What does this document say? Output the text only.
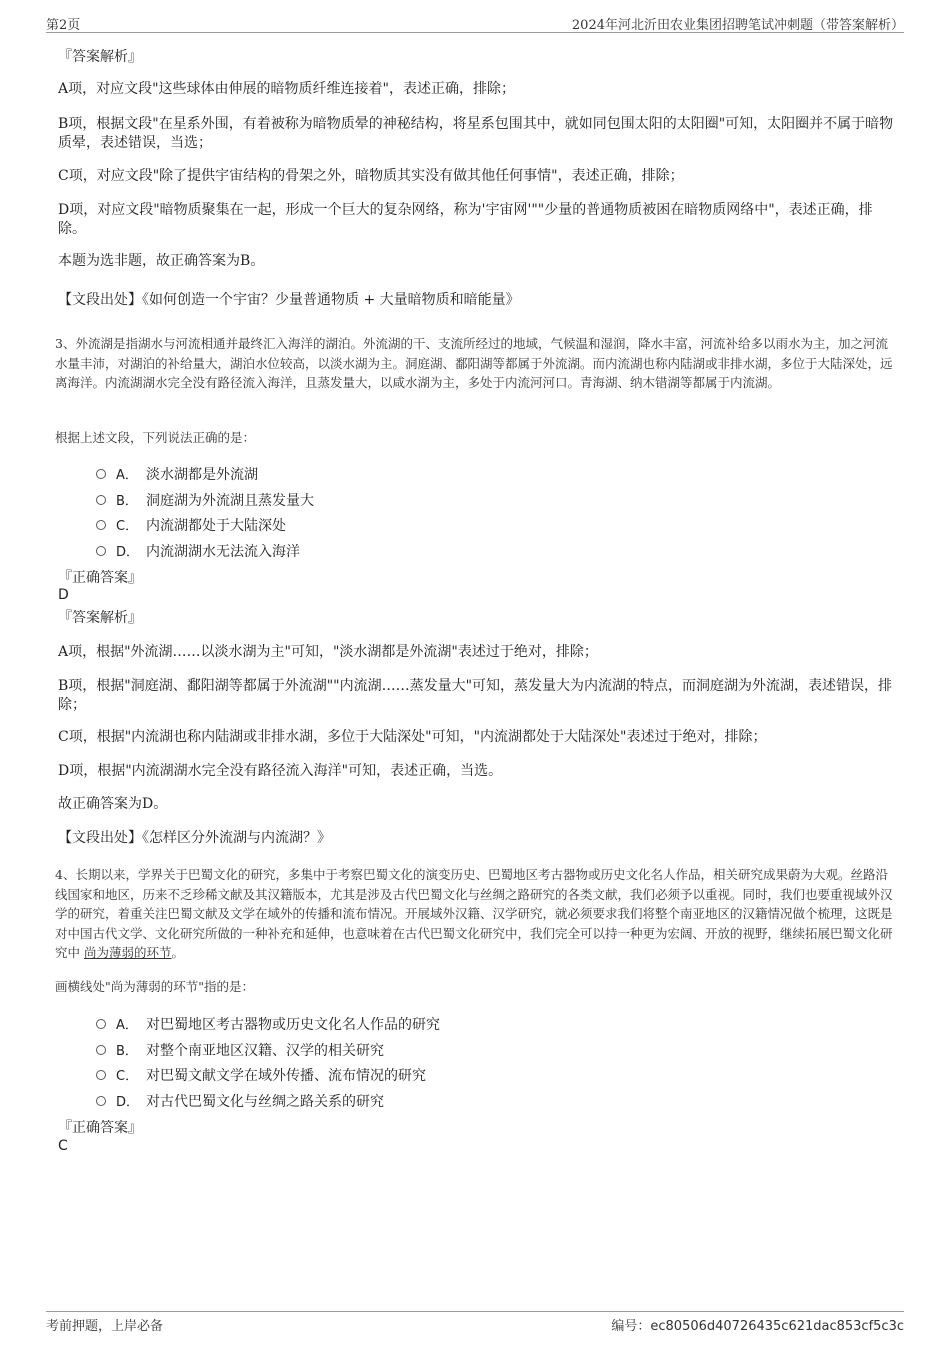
第2页	2024年河北沂田农业集团招聘笔试冲刺题（带答案解析）
『答案解析』
A项，对应文段"这些球体由伸展的暗物质纤维连接着"，表述正确，排除；
B项，根据文段"在星系外围，有着被称为暗物质晕的神秘结构，将星系包围其中，就如同包围太阳的太阳圈"可知，太阳圈并不属于暗物质晕，表述错误，当选；
C项，对应文段"除了提供宇宙结构的骨架之外，暗物质其实没有做其他任何事情"，表述正确，排除；
D项，对应文段"暗物质聚集在一起，形成一个巨大的复杂网络，称为'宇宙网'""少量的普通物质被困在暗物质网络中"，表述正确，排除。
本题为选非题，故正确答案为B。
【文段出处】《如何创造一个宇宙？少量普通物质 + 大量暗物质和暗能量》
3、外流湖是指湖水与河流相通并最终汇入海洋的湖泊。外流湖的干、支流所经过的地域，气候温和湿润，降水丰富，河流补给多以雨水为主，加之河流水量丰沛，对湖泊的补给量大，湖泊水位较高，以淡水湖为主。洞庭湖、鄱阳湖等都属于外流湖。而内流湖也称内陆湖或非排水湖，多位于大陆深处，远离海洋。内流湖湖水完全没有路径流入海洋，且蒸发量大，以咸水湖为主，多处于内流河河口。青海湖、纳木错湖等都属于内流湖。
根据上述文段，下列说法正确的是：
A． 淡水湖都是外流湖
B． 洞庭湖为外流湖且蒸发量大
C． 内流湖都处于大陆深处
D． 内流湖湖水无法流入海洋
『正确答案』
D
『答案解析』
A项，根据"外流湖……以淡水湖为主"可知，"淡水湖都是外流湖"表述过于绝对，排除；
B项，根据"洞庭湖、鄱阳湖等都属于外流湖""内流湖……蒸发量大"可知，蒸发量大为内流湖的特点，而洞庭湖为外流湖，表述错误，排除；
C项，根据"内流湖也称内陆湖或非排水湖，多位于大陆深处"可知，"内流湖都处于大陆深处"表述过于绝对，排除；
D项，根据"内流湖湖水完全没有路径流入海洋"可知，表述正确，当选。
故正确答案为D。
【文段出处】《怎样区分外流湖与内流湖？》
4、长期以来，学界关于巴蜀文化的研究，多集中于考察巴蜀文化的演变历史、巴蜀地区考古器物或历史文化名人作品，相关研究成果蔚为大观。丝路沿线国家和地区，历来不乏珍稀文献及其汉籍版本，尤其是涉及古代巴蜀文化与丝绸之路研究的各类文献，我们必须予以重视。同时，我们也要重视域外汉学的研究，着重关注巴蜀文献及文学在域外的传播和流布情况。开展域外汉籍、汉学研究，就必须要求我们将整个南亚地区的汉籍情况做个梳理，这既是对中国古代文学、文化研究所做的一种补充和延伸，也意味着在古代巴蜀文化研究中，我们完全可以持一种更为宏阔、开放的视野，继续拓展巴蜀文化研究中 尚为薄弱的环节。
画横线处"尚为薄弱的环节"指的是：
A． 对巴蜀地区考古器物或历史文化名人作品的研究
B． 对整个南亚地区汉籍、汉学的相关研究
C． 对巴蜀文献文学在域外传播、流布情况的研究
D． 对古代巴蜀文化与丝绸之路关系的研究
『正确答案』
C
考前押题，上岸必备	编号：ec80506d40726435c621dac853cf5c3c
